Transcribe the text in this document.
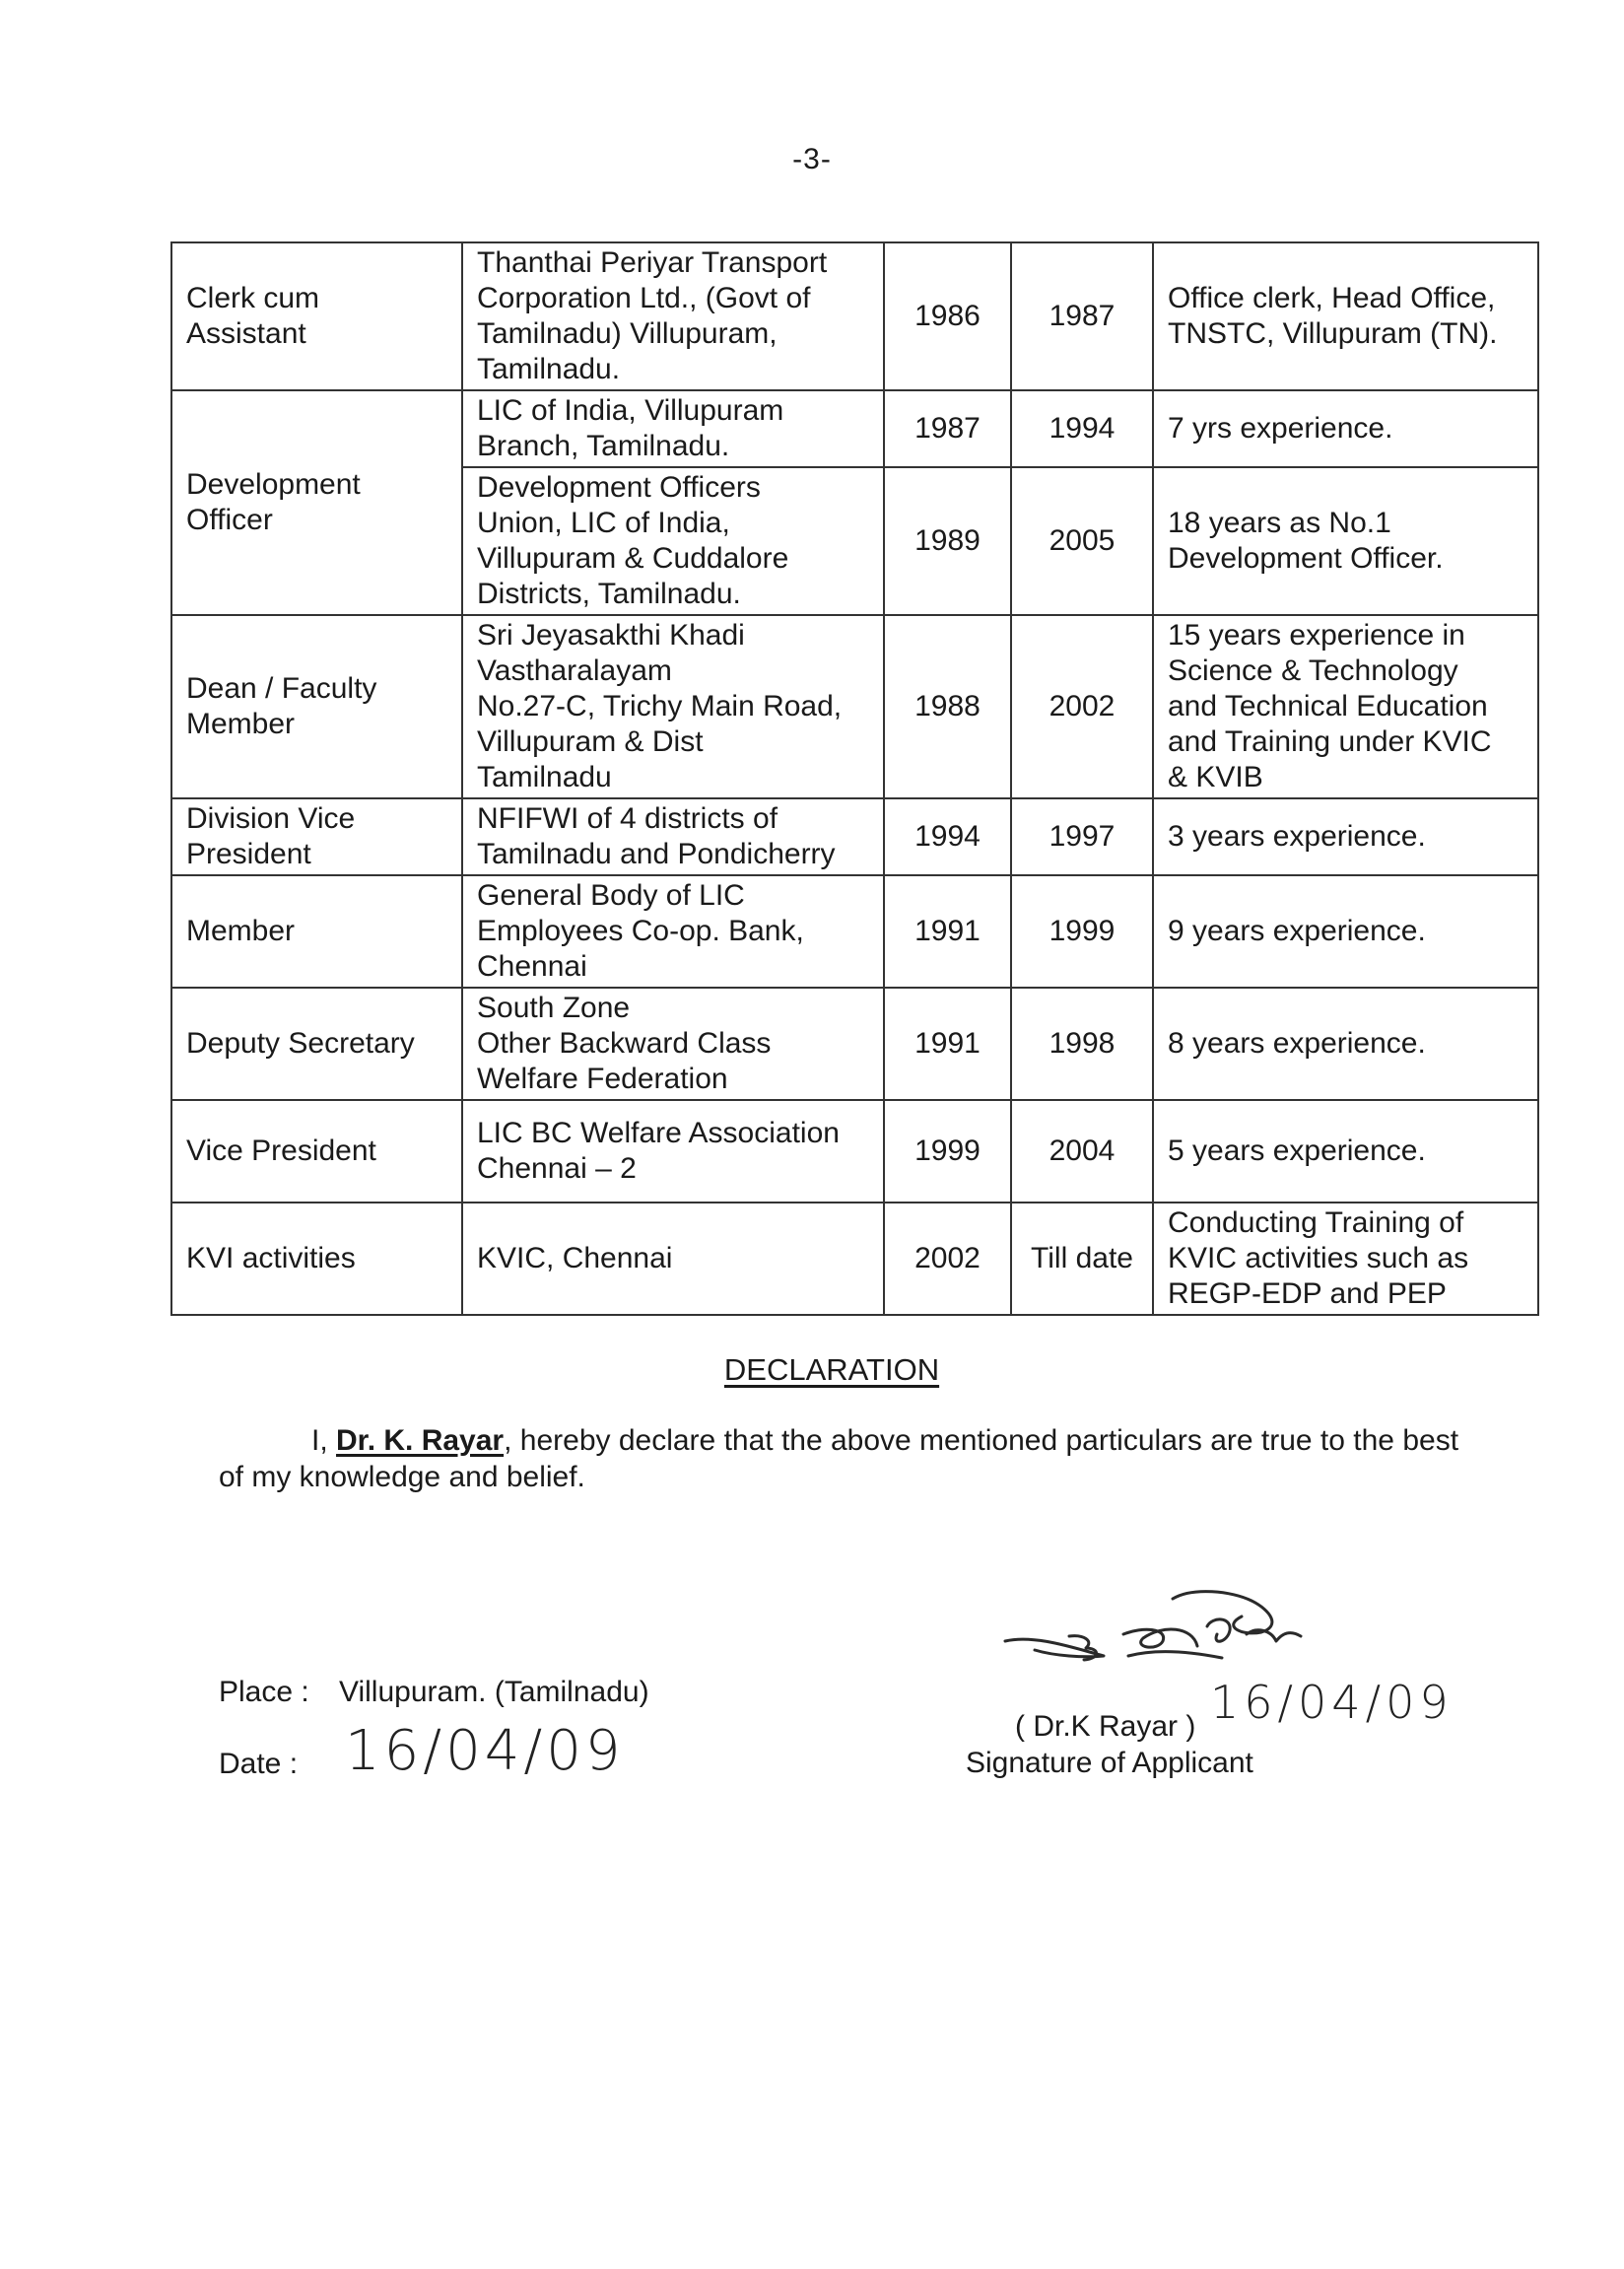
-3-
Clerk cum
Assistant	Thanthai Periyar Transport
Corporation Ltd., (Govt of
Tamilnadu) Villupuram,
Tamilnadu.	1986	1987	Office clerk, Head Office,
TNSTC, Villupuram (TN).

Development
Officer	LIC of India, Villupuram
Branch, Tamilnadu.	1987	1994	7 yrs experience.

	Development Officers
Union, LIC of India,
Villupuram & Cuddalore
Districts, Tamilnadu.	1989	2005	18 years as No.1
Development Officer.

Dean / Faculty
Member	Sri Jeyasakthi Khadi
Vastharalayam
No.27-C, Trichy Main Road,
Villupuram & Dist
Tamilnadu	1988	2002	15 years experience in
Science & Technology
and Technical Education
and Training under KVIC
& KVIB

Division Vice
President	NFIFWI of 4 districts of
Tamilnadu and Pondicherry	1994	1997	3 years experience.

Member	General Body of LIC
Employees Co-op. Bank,
Chennai	1991	1999	9 years experience.

Deputy Secretary	South Zone
Other Backward Class
Welfare Federation	1991	1998	8 years experience.

Vice President	LIC BC Welfare Association
Chennai – 2	1999	2004	5 years experience.

KVI activities	KVIC, Chennai	2002	Till date	Conducting Training of
KVIC activities such as
REGP-EDP and PEP
DECLARATION
I, Dr. K. Rayar, hereby declare that the above mentioned particulars are true to the best of my knowledge and belief.
Place : Villupuram. (Tamilnadu)
Date : 16/04/09	( Dr.K Rayar ) 16/04/09
Signature of Applicant
